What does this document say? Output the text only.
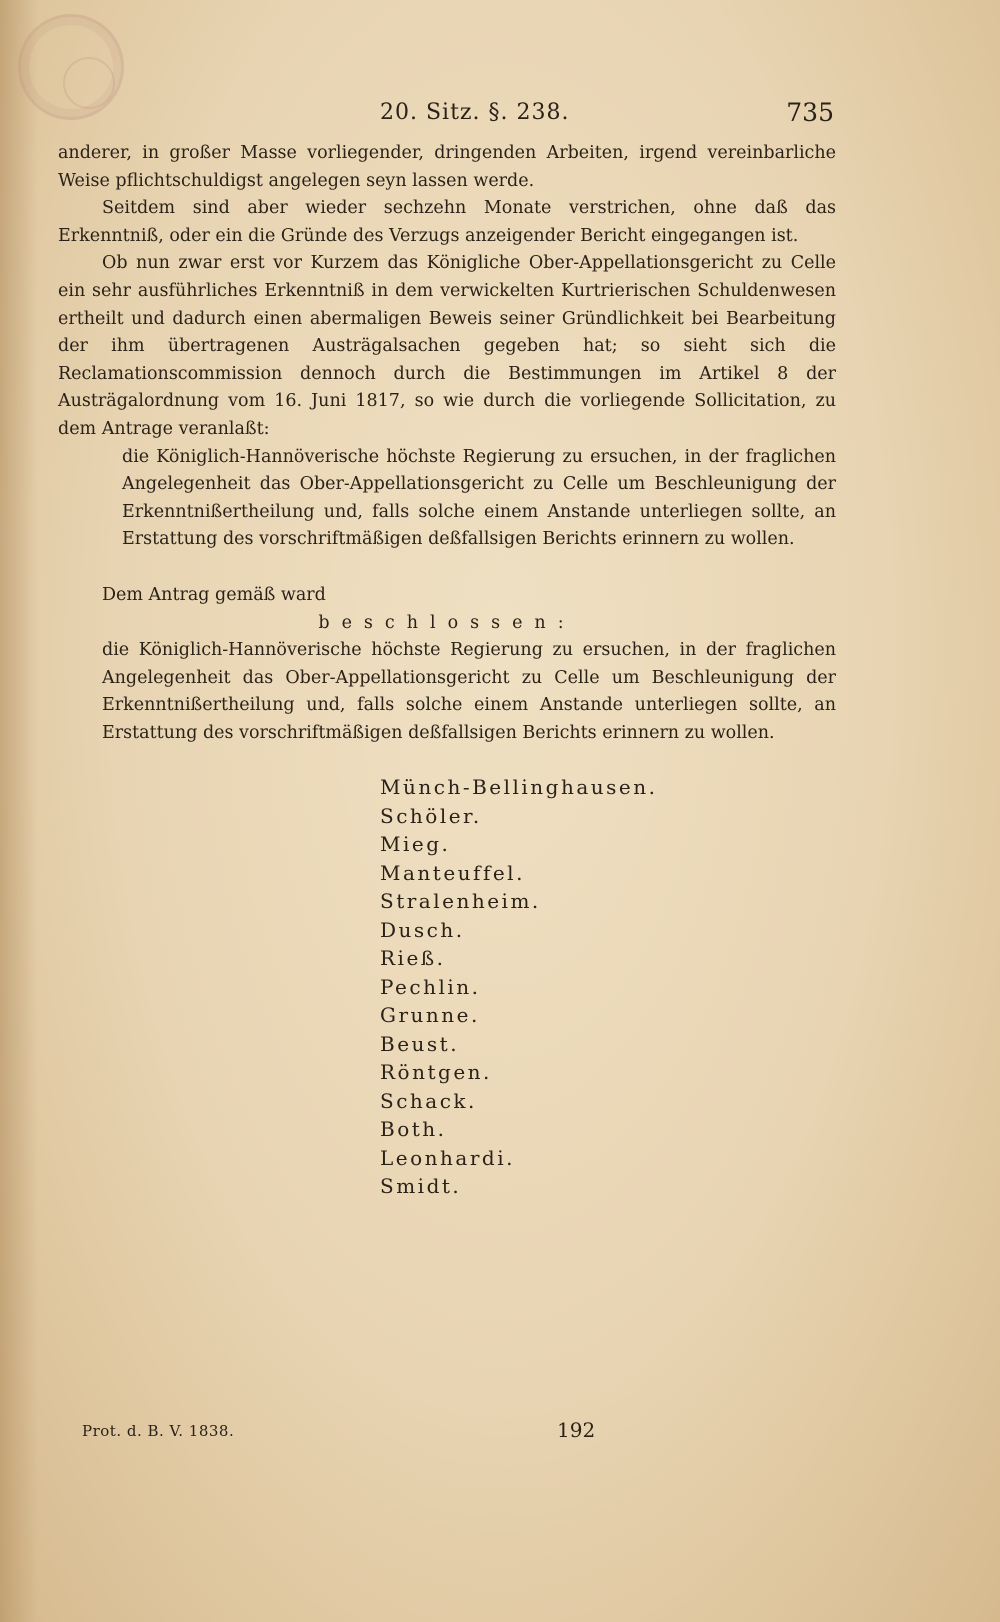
20. Sitz. §. 238.	735

anderer, in großer Masse vorliegender, dringenden Arbeiten, irgend vereinbarliche Weise pflichtschuldigst angelegen seyn lassen werde.

Seitdem sind aber wieder sechzehn Monate verstrichen, ohne daß das Erkenntniß, oder ein die Gründe des Verzugs anzeigender Bericht eingegangen ist.

Ob nun zwar erst vor Kurzem das Königliche Ober-Appellationsgericht zu Celle ein sehr ausführliches Erkenntniß in dem verwickelten Kurtrierischen Schuldenwesen ertheilt und dadurch einen abermaligen Beweis seiner Gründlichkeit bei Bearbeitung der ihm übertragenen Austrägalsachen gegeben hat; so sieht sich die Reclamationscommission dennoch durch die Bestimmungen im Artikel 8 der Austrägalordnung vom 16. Juni 1817, so wie durch die vorliegende Sollicitation, zu dem Antrage veranlaßt:

die Königlich-Hannöverische höchste Regierung zu ersuchen, in der fraglichen Angelegenheit das Ober-Appellationsgericht zu Celle um Beschleunigung der Erkenntnißertheilung und, falls solche einem Anstande unterliegen sollte, an Erstattung des vorschriftmäßigen deßfallsigen Berichts erinnern zu wollen.

Dem Antrag gemäß ward

beschlossen:

die Königlich-Hannöverische höchste Regierung zu ersuchen, in der fraglichen Angelegenheit das Ober-Appellationsgericht zu Celle um Beschleunigung der Erkenntnißertheilung und, falls solche einem Anstande unterliegen sollte, an Erstattung des vorschriftmäßigen deßfallsigen Berichts erinnern zu wollen.

Münch-Bellinghausen.
Schöler.
Mieg.
Manteuffel.
Stralenheim.
Dusch.
Rieß.
Pechlin.
Grunne.
Beust.
Röntgen.
Schack.
Both.
Leonhardi.
Smidt.
Prot. d. B. V. 1838.	192
